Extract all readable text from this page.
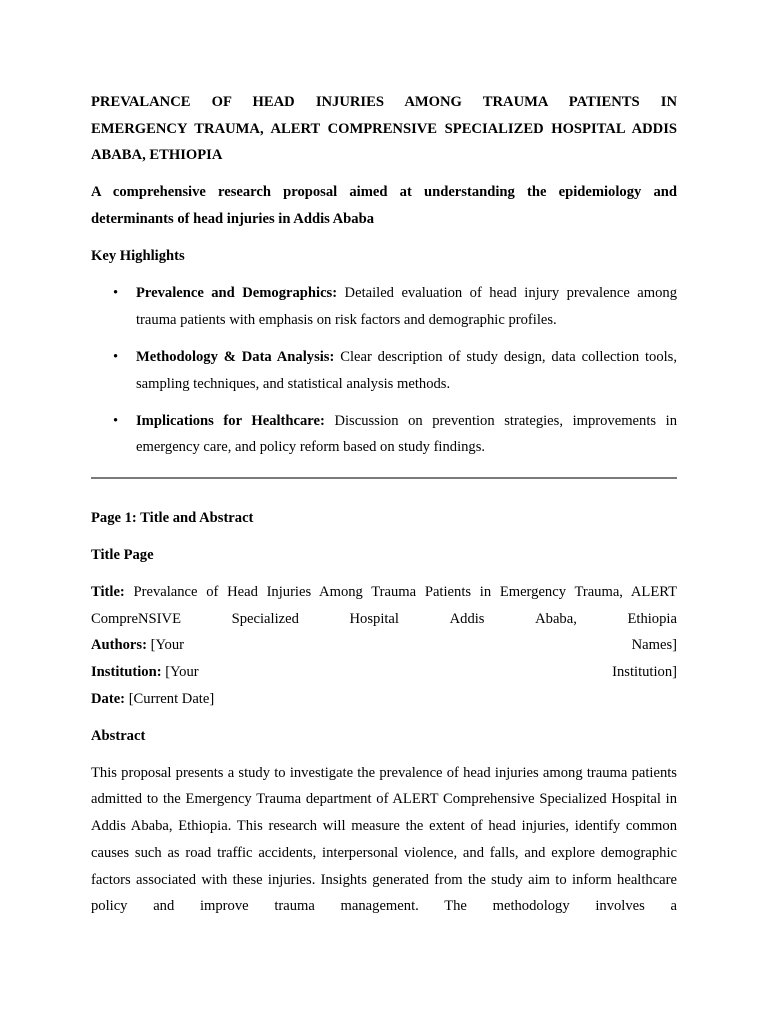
PREVALANCE OF HEAD INJURIES AMONG TRAUMA PATIENTS IN

EMERGENCY TRAUMA, ALERT COMPRENSIVE SPECIALIZED HOSPITAL ADDIS

ABABA, ETHIOPIA

A comprehensive research proposal aimed at understanding the epidemiology and determinants of head injuries in Addis Ababa

Key Highlights

• Prevalence and Demographics: Detailed evaluation of head injury prevalence among trauma patients with emphasis on risk factors and demographic profiles.
• Methodology & Data Analysis: Clear description of study design, data collection tools, sampling techniques, and statistical analysis methods.
• Implications for Healthcare: Discussion on prevention strategies, improvements in emergency care, and policy reform based on study findings.

Page 1: Title and Abstract

Title Page

Title: Prevalance of Head Injuries Among Trauma Patients in Emergency Trauma, ALERT

CompreNSIVE	Specialized	Hospital	Addis	Ababa,	Ethiopia
Authors: [Your	Names]
Institution: [Your	Institution]

Date: [Current Date]

Abstract

This proposal presents a study to investigate the prevalence of head injuries among trauma patients admitted to the Emergency Trauma department of ALERT Comprehensive Specialized Hospital in Addis Ababa, Ethiopia. This research will measure the extent of head injuries, identify common causes such as road traffic accidents, interpersonal violence, and falls, and explore demographic factors associated with these injuries. Insights generated from the study aim to inform healthcare policy and improve trauma management. The methodology involves a
